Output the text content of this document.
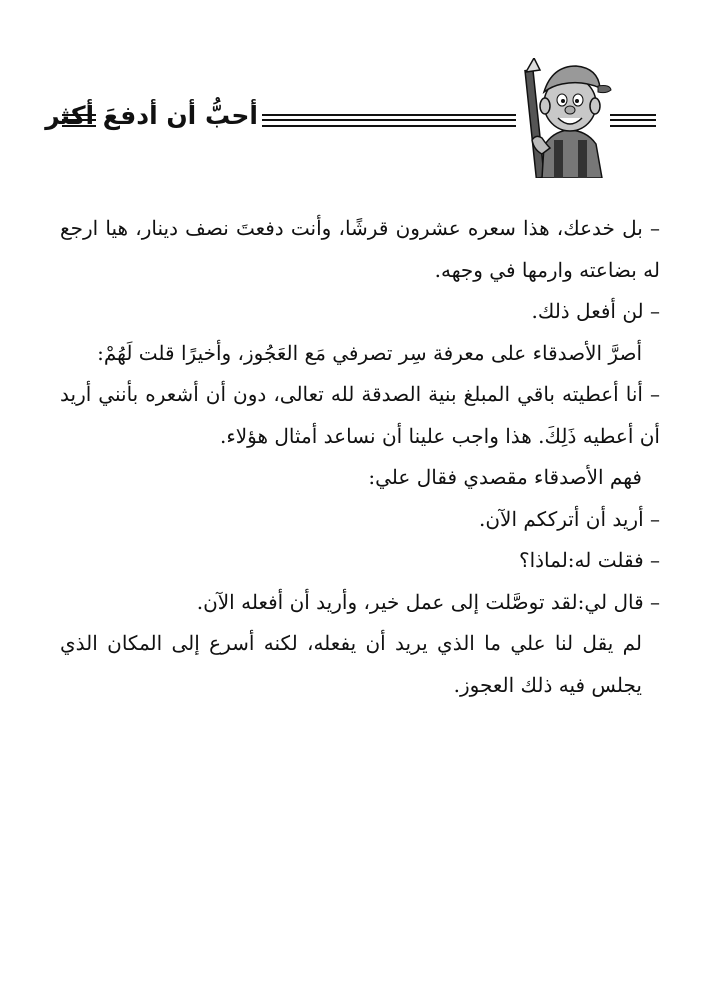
أحبُّ أن أدفعَ أكثر

– بل خدعك، هذا سعره عشرون قرشًا، وأنت دفعتَ نصف دينار، هيا ارجع له بضاعته وارمها في وجهه.

– لن أفعل ذلك.

أصرَّ الأصدقاء على معرفة سِر تصرفي مَع العَجُوز، وأخيرًا قلت لَهُمْ:

– أنا أعطيته باقي المبلغ بنية الصدقة لله تعالى، دون أن أشعره بأنني أريد أن أعطيه ذَلِكَ. هذا واجب علينا أن نساعد أمثال هؤلاء.

فهم الأصدقاء مقصدي فقال علي:

– أريد أن أترككم الآن.

– فقلت له:لماذا؟

– قال لي:لقد توصَّلت إلى عمل خير، وأريد أن أفعله الآن.

لم يقل لنا علي ما الذي يريد أن يفعله، لكنه أسرع إلى المكان الذي يجلس فيه ذلك العجوز.
